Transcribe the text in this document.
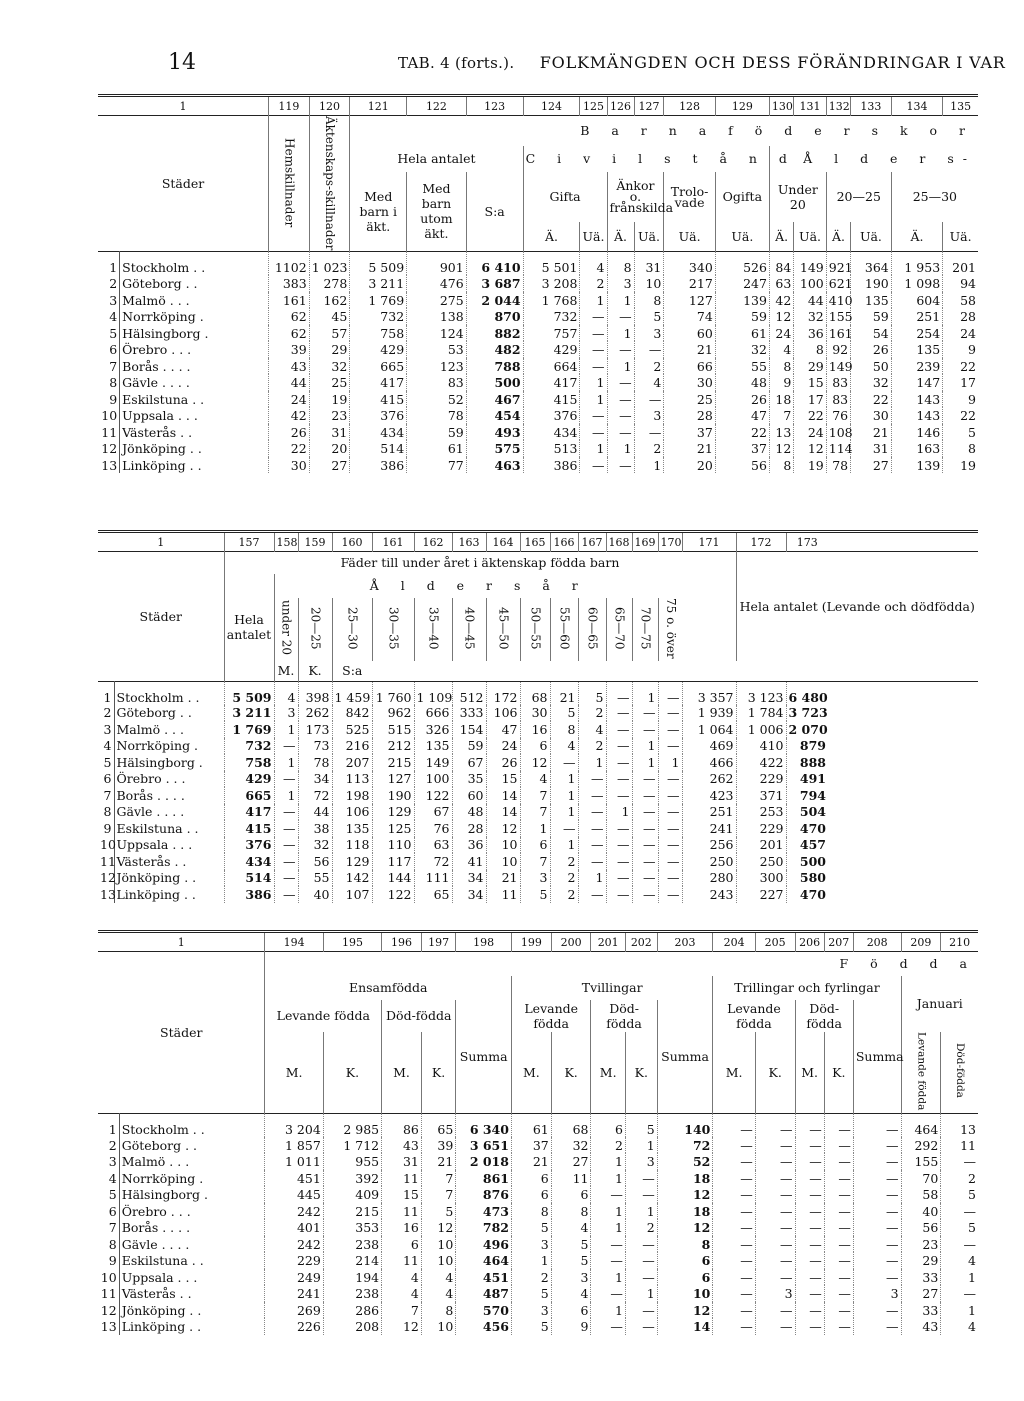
14	TAB. 4 (forts.). FOLKMÄNGDEN OCH DESS FÖRÄNDRINGAR I VAR
1		119	120	121	122	123	124	125	126	127	128	129	130	131	132	133	134	135
Städer		Hemskillnader	Äktenskaps-skillnader	B a r n a f ö d e r s k o r														
				Hela antalet			C i v i l s t å n d						Å l d e r s-					
				Med barn i äkt.	Med barn utom äkt.	S:a	Gifta		Änkor o. frånskilda		Trolo-vade	Ogifta	Under 20		20—25		25—30	
							Ä.	Uä.	Ä.	Uä.	Uä.	Uä.	Ä.	Uä.	Ä.	Uä.	Ä.	Uä.
1	Stockholm . .	1102	1 023	5 509	901	6 410	5 501	4	8	31	340	526	84	149	921	364	1 953	201
2	Göteborg . .	383	278	3 211	476	3 687	3 208	2	3	10	217	247	63	100	621	190	1 098	94
3	Malmö . . .	161	162	1 769	275	2 044	1 768	1	1	8	127	139	42	44	410	135	604	58
4	Norrköping .	62	45	732	138	870	732	—	—	5	74	59	12	32	155	59	251	28
5	Hälsingborg .	62	57	758	124	882	757	—	1	3	60	61	24	36	161	54	254	24
6	Örebro . . .	39	29	429	53	482	429	—	—	—	21	32	4	8	92	26	135	9
7	Borås . . . .	43	32	665	123	788	664	—	1	2	66	55	8	29	149	50	239	22
8	Gävle . . . .	44	25	417	83	500	417	1	—	4	30	48	9	15	83	32	147	17
9	Eskilstuna . .	24	19	415	52	467	415	1	—	—	25	26	18	17	83	22	143	9
10	Uppsala . . .	42	23	376	78	454	376	—	—	3	28	47	7	22	76	30	143	22
11	Västerås . .	26	31	434	59	493	434	—	—	—	37	22	13	24	108	21	146	5
12	Jönköping . .	22	20	514	61	575	513	1	1	2	21	37	12	12	114	31	163	8
13	Linköping . .	30	27	386	77	463	386	—	—	1	20	56	8	19	78	27	139	19
1		157	158	159	160	161	162	163	164	165	166	167	168	169	170	171	172	173
Städer		Fäder till under året i äktenskap födda barn															Hela antalet (Levande och dödfödda)	
		Hela antalet	Å l d e r s å r															
			under 20	20—25	25—30	30—35	35—40	40—45	45—50	50—55	55—60	60—65	65—70	70—75	75 o. över			
			M.	K.	S:a													
1	Stockholm . .	5 509	4	398	1 459	1 760	1 109	512	172	68	21	5	—	1	—	3 357	3 123	6 480
2	Göteborg . .	3 211	3	262	842	962	666	333	106	30	5	2	—	—	—	1 939	1 784	3 723
3	Malmö . . .	1 769	1	173	525	515	326	154	47	16	8	4	—	—	—	1 064	1 006	2 070
4	Norrköping .	732	—	73	216	212	135	59	24	6	4	2	—	1	—	469	410	879
5	Hälsingborg .	758	1	78	207	215	149	67	26	12	—	1	—	1	1	466	422	888
6	Örebro . . .	429	—	34	113	127	100	35	15	4	1	—	—	—	—	262	229	491
7	Borås . . . .	665	1	72	198	190	122	60	14	7	1	—	—	—	—	423	371	794
8	Gävle . . . .	417	—	44	106	129	67	48	14	7	1	—	1	—	—	251	253	504
9	Eskilstuna . .	415	—	38	135	125	76	28	12	1	—	—	—	—	—	241	229	470
10	Uppsala . . .	376	—	32	118	110	63	36	10	6	1	—	—	—	—	256	201	457
11	Västerås . .	434	—	56	129	117	72	41	10	7	2	—	—	—	—	250	250	500
12	Jönköping . .	514	—	55	142	144	111	34	21	3	2	1	—	—	—	280	300	580
13	Linköping . .	386	—	40	107	122	65	34	11	5	2	—	—	—	—	243	227	470
1		194	195	196	197	198	199	200	201	202	203	204	205	206	207	208	209	210
Städer		F ö d d a																
		Ensamfödda					Tvillingar					Trillingar och fyrlingar					Januari	
		Levande födda		Död-födda		Summa	Levande födda		Död-födda		Summa	Levande födda		Död-födda		Summa		
		M.	K.	M.	K.		M.	K.	M.	K.		M.	K.	M.	K.		Levande födda	Död-födda
1	Stockholm . .	3 204	2 985	86	65	6 340	61	68	6	5	140	—	—	—	—	—	464	13
2	Göteborg . .	1 857	1 712	43	39	3 651	37	32	2	1	72	—	—	—	—	—	292	11
3	Malmö . . .	1 011	955	31	21	2 018	21	27	1	3	52	—	—	—	—	—	155	—
4	Norrköping .	451	392	11	7	861	6	11	1	—	18	—	—	—	—	—	70	2
5	Hälsingborg .	445	409	15	7	876	6	6	—	—	12	—	—	—	—	—	58	5
6	Örebro . . .	242	215	11	5	473	8	8	1	1	18	—	—	—	—	—	40	—
7	Borås . . . .	401	353	16	12	782	5	4	1	2	12	—	—	—	—	—	56	5
8	Gävle . . . .	242	238	6	10	496	3	5	—	—	8	—	—	—	—	—	23	—
9	Eskilstuna . .	229	214	11	10	464	1	5	—	—	6	—	—	—	—	—	29	4
10	Uppsala . . .	249	194	4	4	451	2	3	1	—	6	—	—	—	—	—	33	1
11	Västerås . .	241	238	4	4	487	5	4	—	1	10	—	3	—	—	3	27	—
12	Jönköping . .	269	286	7	8	570	3	6	1	—	12	—	—	—	—	—	33	1
13	Linköping . .	226	208	12	10	456	5	9	—	—	14	—	—	—	—	—	43	4
